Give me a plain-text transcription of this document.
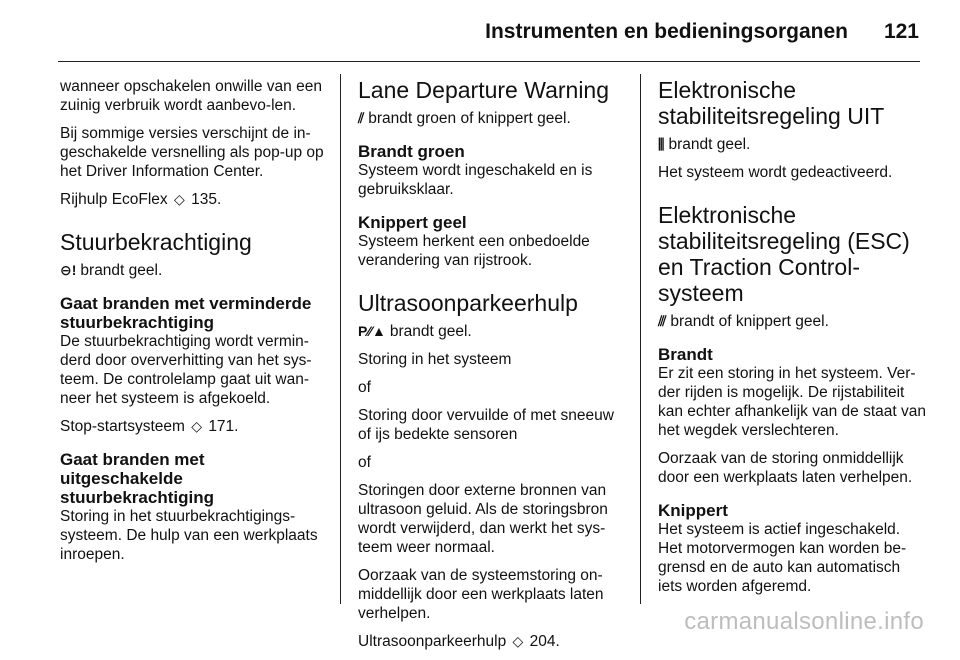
Instrumenten en bedieningsorganen 121

wanneer opschakelen onwille van een zuinig verbruik wordt aanbevo-len.

Bij sommige versies verschijnt de in-geschakelde versnelling als pop-up op het Driver Information Center.

Rijhulp EcoFlex ◇ 135.

Stuurbekrachtiging

⊖! brandt geel.

Gaat branden met verminderde stuurbekrachtiging

De stuurbekrachtiging wordt vermin-derd door oververhitting van het sys-teem. De controlelamp gaat uit wan-neer het systeem is afgekoeld.

Stop-startsysteem ◇ 171.

Gaat branden met uitgeschakelde stuurbekrachtiging

Storing in het stuurbekrachtigings-systeem. De hulp van een werkplaats inroepen.

Lane Departure Warning

⫽ brandt groen of knippert geel.

Brandt groen

Systeem wordt ingeschakeld en is gebruiksklaar.

Knippert geel

Systeem herkent een onbedoelde verandering van rijstrook.

Ultrasoonparkeerhulp

P⁄⁄▲ brandt geel.

Storing in het systeem

of

Storing door vervuilde of met sneeuw of ijs bedekte sensoren

of

Storingen door externe bronnen van ultrasoon geluid. Als de storingsbron wordt verwijderd, dan werkt het sys-teem weer normaal.

Oorzaak van de systeemstoring on-middellijk door een werkplaats laten verhelpen.

Ultrasoonparkeerhulp ◇ 204.

Elektronische stabiliteitsregeling UIT

⫼ brandt geel.

Het systeem wordt gedeactiveerd.

Elektronische stabiliteitsregeling (ESC) en Traction Control-systeem

⫻ brandt of knippert geel.

Brandt

Er zit een storing in het systeem. Ver-der rijden is mogelijk. De rijstabiliteit kan echter afhankelijk van de staat van het wegdek verslechteren.

Oorzaak van de storing onmiddellijk door een werkplaats laten verhelpen.

Knippert

Het systeem is actief ingeschakeld. Het motorvermogen kan worden be-grensd en de auto kan automatisch iets worden afgeremd.

carmanualsonline.info
